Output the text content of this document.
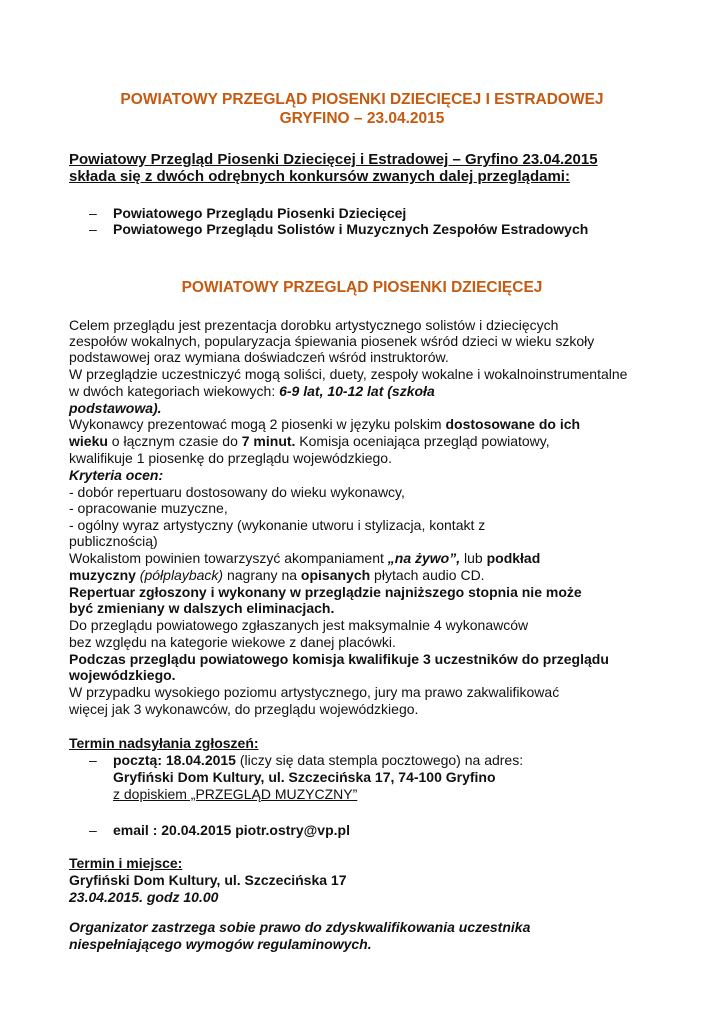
POWIATOWY PRZEGLĄD PIOSENKI DZIECIĘCEJ I ESTRADOWEJ
GRYFINO – 23.04.2015
Powiatowy Przegląd Piosenki Dziecięcej i Estradowej – Gryfino 23.04.2015
składa się z dwóch odrębnych konkursów zwanych dalej przeglądami:
– Powiatowego Przeglądu Piosenki Dziecięcej
– Powiatowego Przeglądu Solistów i Muzycznych Zespołów Estradowych
POWIATOWY PRZEGLĄD PIOSENKI DZIECIĘCEJ
Celem przeglądu jest prezentacja dorobku artystycznego solistów i dziecięcych
zespołów wokalnych, popularyzacja śpiewania piosenek wśród dzieci w wieku szkoły
podstawowej oraz wymiana doświadczeń wśród instruktorów.
W przeglądzie uczestniczyć mogą soliści, duety, zespoły wokalne i wokalnoinstrumentalne
w dwóch kategoriach wiekowych: 6-9 lat, 10-12 lat (szkoła
podstawowa).
Wykonawcy prezentować mogą 2 piosenki w języku polskim dostosowane do ich
wieku o łącznym czasie do 7 minut. Komisja oceniająca przegląd powiatowy,
kwalifikuje 1 piosenkę do przeglądu wojewódzkiego.
Kryteria ocen:
- dobór repertuaru dostosowany do wieku wykonawcy,
- opracowanie muzyczne,
- ogólny wyraz artystyczny (wykonanie utworu i stylizacja, kontakt z
publicznością)
Wokalistom powinien towarzyszyć akompaniament „na żywo”, lub podkład
muzyczny (półplayback) nagrany na opisanych płytach audio CD.
Repertuar zgłoszony i wykonany w przeglądzie najniższego stopnia nie może
być zmieniany w dalszych eliminacjach.
Do przeglądu powiatowego zgłaszanych jest maksymalnie 4 wykonawców
bez względu na kategorie wiekowe z danej placówki.
Podczas przeglądu powiatowego komisja kwalifikuje 3 uczestników do przeglądu
wojewódzkiego.
W przypadku wysokiego poziomu artystycznego, jury ma prawo zakwalifikować
więcej jak 3 wykonawców, do przeglądu wojewódzkiego.
Termin nadsyłania zgłoszeń:
– pocztą: 18.04.2015 (liczy się data stempla pocztowego) na adres:
Gryfiński Dom Kultury, ul. Szczecińska 17, 74-100 Gryfino
z dopiskiem „PRZEGLĄD MUZYCZNY”
– email : 20.04.2015 piotr.ostry@vp.pl
Termin i miejsce:
Gryfiński Dom Kultury, ul. Szczecińska 17
23.04.2015. godz 10.00
Organizator zastrzega sobie prawo do zdyskwalifikowania uczestnika
niespełniającego wymogów regulaminowych.
